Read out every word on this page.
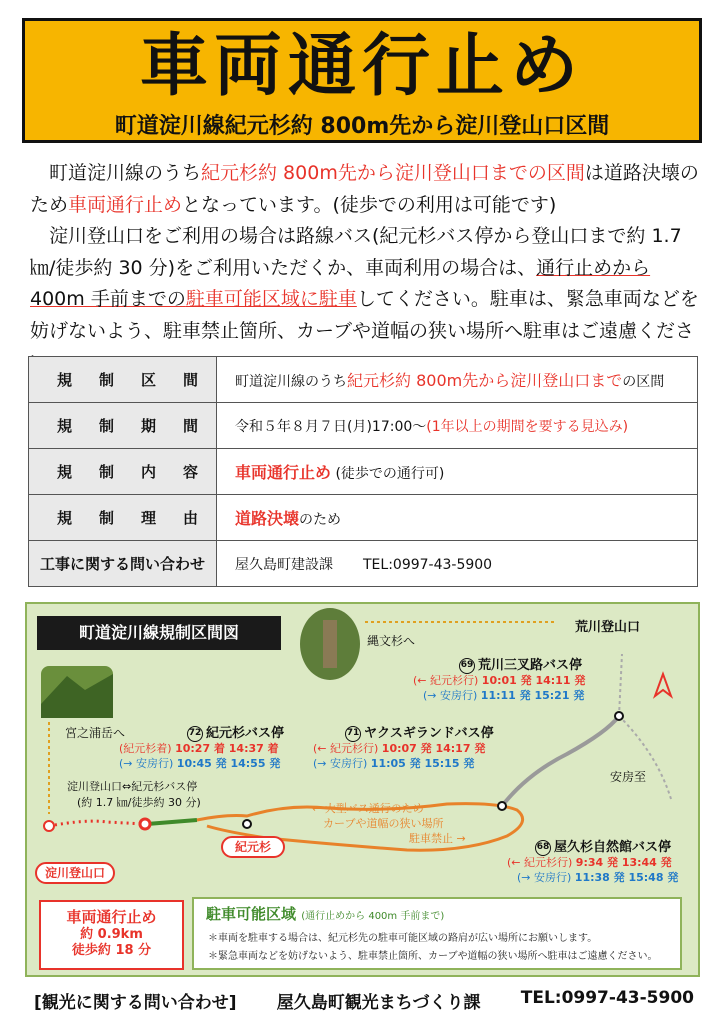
車両通行止め
町道淀川線紀元杉約 800m先から淀川登山口区間

町道淀川線のうち紀元杉約 800m先から淀川登山口までの区間は道路決壊のため車両通行止めとなっています。(徒歩での利用は可能です)

淀川登山口をご利用の場合は路線バス(紀元杉バス停から登山口まで約 1.7 ㎞/徒歩約 30 分)をご利用いただくか、車両利用の場合は、通行止めから 400m 手前までの駐車可能区域に駐車してください。駐車は、緊急車両などを妨げないよう、駐車禁止箇所、カーブや道幅の狭い場所へ駐車はご遠慮くださ

規 制 区 間	町道淀川線のうち紀元杉約 800m先から淀川登山口までの区間

規 制 期 間	令和５年８月７日(月)17:00～(1年以上の期間を要する見込み)

規 制 内 容	車両通行止め (徒歩での通行可)

規 制 理 由	道路決壊のため
工事に関する問い合わせ	屋久島町建設課 TEL:0997-43-5900
町道淀川線規制区間図	縄文杉へ
荒川登山口
宮之浦岳へ
安房至
淀川登山口⇔紀元杉バス停
(約 1.7 ㎞/徒歩約 30 分)
淀川登山口
紀元杉
← 大型バス通行のため
カーブや道幅の狭い場所
駐車禁止 →
72 紀元杉バス停
(紀元杉着) 10:27 着 14:37 着
(→ 安房行) 10:45 発 14:55 発
71 ヤクスギランドバス停
(← 紀元杉行) 10:07 発 14:17 発
(→ 安房行) 11:05 発 15:15 発
69 荒川三叉路バス停
(← 紀元杉行) 10:01 発 14:11 発
(→ 安房行) 11:11 発 15:21 発
68 屋久杉自然館バス停
(← 紀元杉行) 9:34 発 13:44 発
(→ 安房行) 11:38 発 15:48 発
車両通行止め
約 0.9km
徒歩約 18 分
駐車可能区域 (通行止めから 400m 手前まで)
＊車両を駐車する場合は、紀元杉先の駐車可能区域の路肩が広い場所にお願いします。
＊緊急車両などを妨げないよう、駐車禁止箇所、カーブや道幅の狭い場所へ駐車はご遠慮ください。
[観光に関する問い合わせ] 屋久島町観光まちづくり課 TEL:0997-43-5900
